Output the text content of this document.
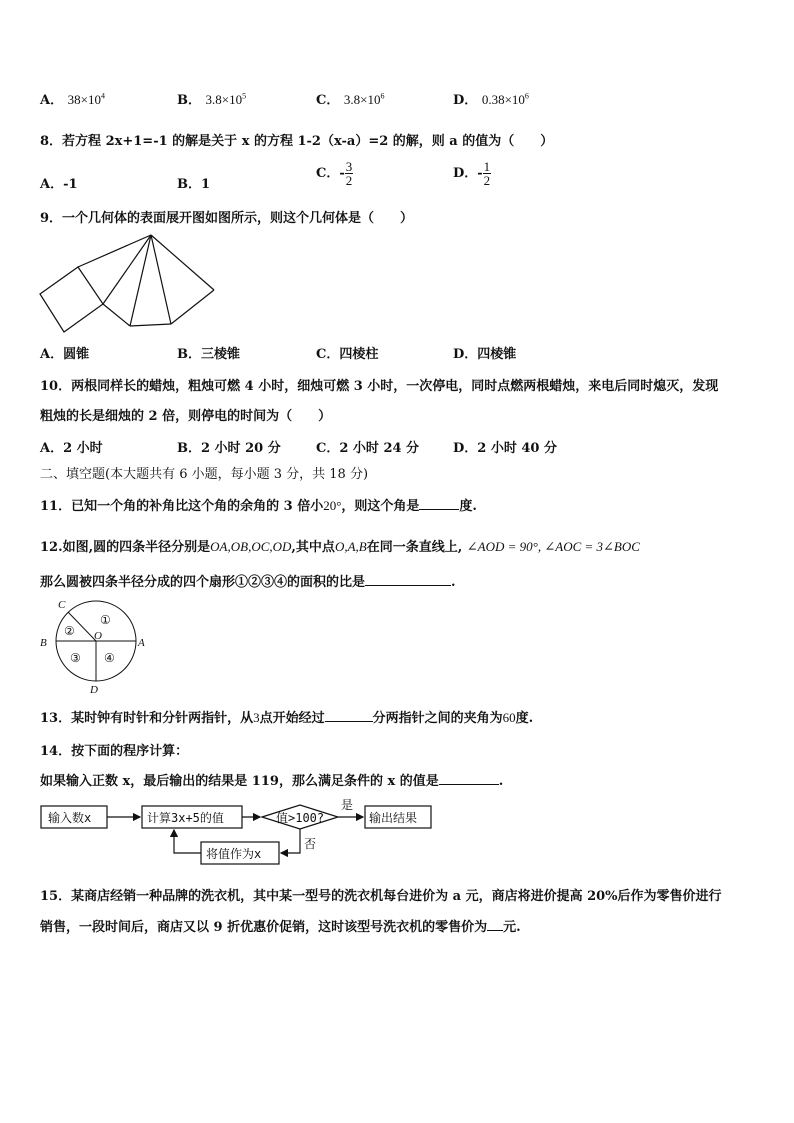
A． $38\times 10^4$	B． $3.8\times 10^5$	C． $3.8\times 10^6$	D． $0.38\times 10^6$
8．若方程 2x+1=-1 的解是关于 x 的方程 1-2（x-a）=2 的解，则 a 的值为（　　）
A．-1	B．1
C．- $\frac{3}{2}$	D．- $\frac{1}{2}$
9．一个几何体的表面展开图如图所示，则这个几何体是（　　）
A．圆锥	B．三棱锥	C．四棱柱	D．四棱锥
10．两根同样长的蜡烛，粗烛可燃 4 小时，细烛可燃 3 小时，一次停电，同时点燃两根蜡烛，来电后同时熄灭，发现
粗烛的长是细烛的 2 倍，则停电的时间为（　　）
A．2 小时	B．2 小时 20 分	C．2 小时 24 分	D．2 小时 40 分
二、填空题(本大题共有 6 小题，每小题 3 分，共 18 分)
11．已知一个角的补角比这个角的余角的 3 倍小20°，则这个角是	度.
12.如图,圆的四条半径分别是OA,OB,OC,OD,其中点O,A,B在同一条直线上, ∠AOD = 90°, ∠AOC = 3∠BOC
那么圆被四条半径分成的四个扇形①②③④的面积的比是	.
C
B	A
D
O
①
②
③ ④
13．某时钟有时针和分针两指针，从3点开始经过	分两指针之间的夹角为60度.
14．按下面的程序计算：
如果输入正数 x，最后输出的结果是 119，那么满足条件的 x 的值是	.
输入数x	计算3x+5的值	值>100?
是
输出结果
将值作为x
否
15．某商店经销一种品牌的洗衣机，其中某一型号的洗衣机每台进价为 a 元，商店将进价提高 20%后作为零售价进行
销售，一段时间后，商店又以 9 折优惠价促销，这时该型号洗衣机的零售价为 元.
